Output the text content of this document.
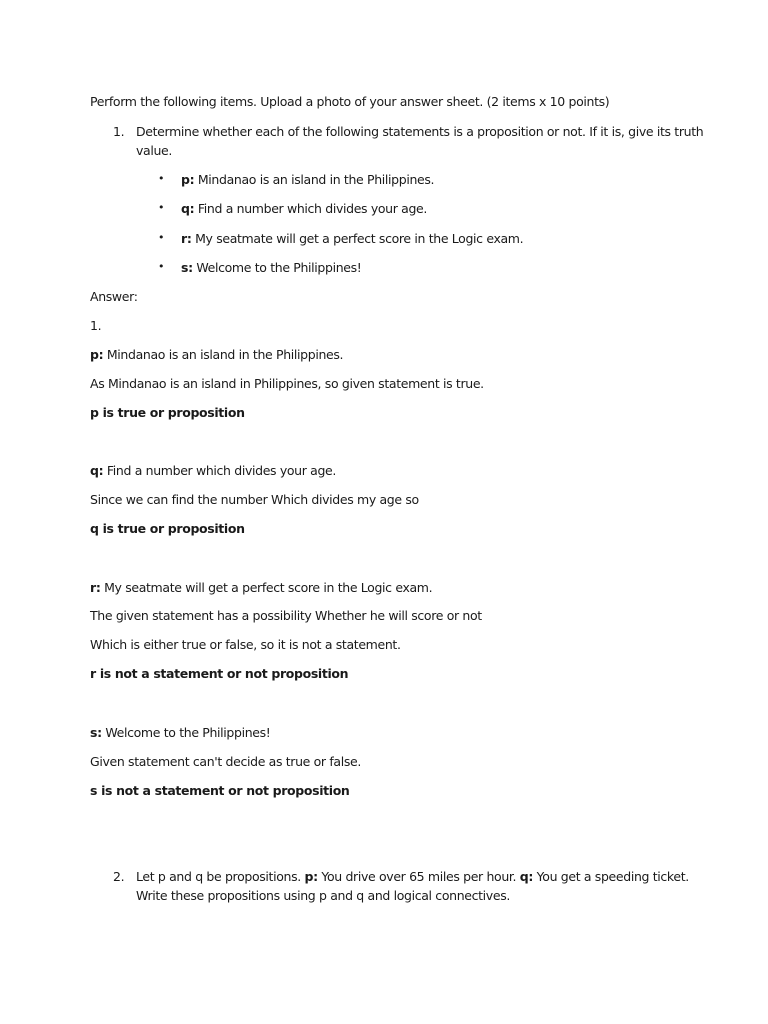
Perform the following items. Upload a photo of your answer sheet. (2 items x 10 points)
1. Determine whether each of the following statements is a proposition or not. If it is, give its truth
value.
• p: Mindanao is an island in the Philippines.
• q: Find a number which divides your age.
• r: My seatmate will get a perfect score in the Logic exam.
• s: Welcome to the Philippines!
Answer:
1.
p: Mindanao is an island in the Philippines.
As Mindanao is an island in Philippines, so given statement is true.
p is true or proposition
q: Find a number which divides your age.
Since we can find the number Which divides my age so
q is true or proposition
r: My seatmate will get a perfect score in the Logic exam.
The given statement has a possibility Whether he will score or not
Which is either true or false, so it is not a statement.
r is not a statement or not proposition
s: Welcome to the Philippines!
Given statement can't decide as true or false.
s is not a statement or not proposition
2. Let p and q be propositions. p: You drive over 65 miles per hour. q: You get a speeding ticket.
Write these propositions using p and q and logical connectives.
